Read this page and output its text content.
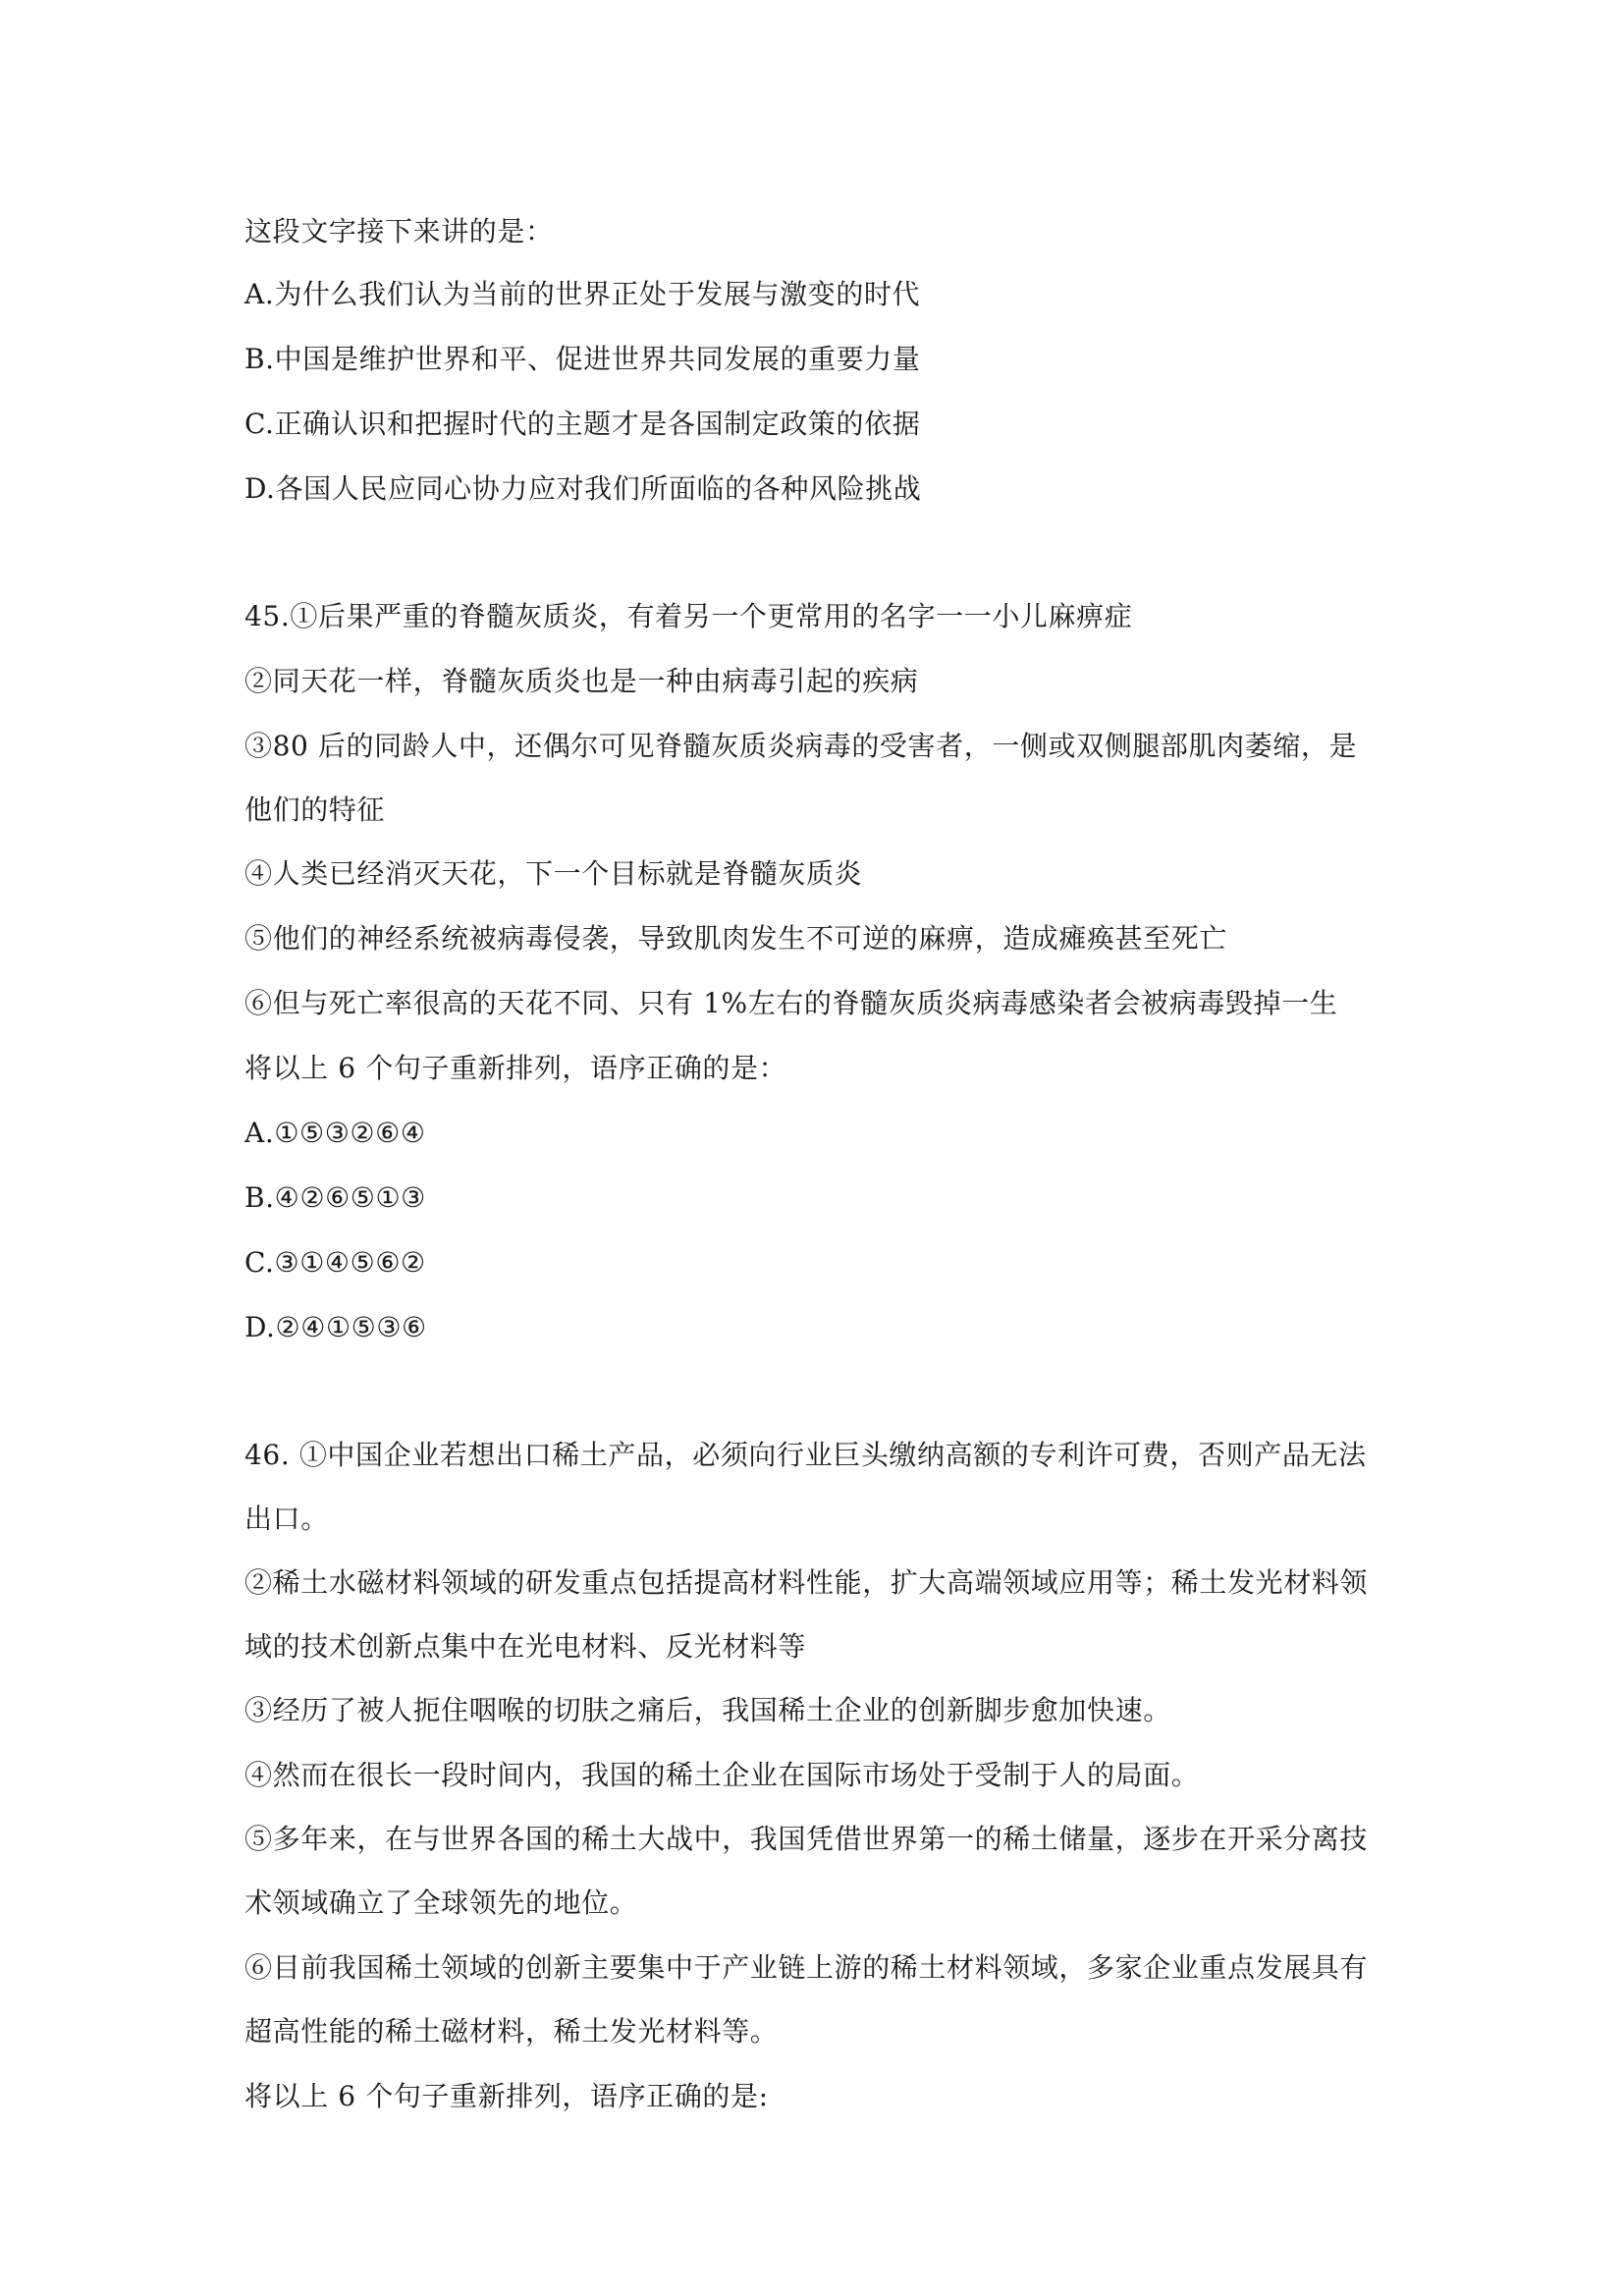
这段文字接下来讲的是：
A.为什么我们认为当前的世界正处于发展与激变的时代
B.中国是维护世界和平、促进世界共同发展的重要力量
C.正确认识和把握时代的主题才是各国制定政策的依据
D.各国人民应同心协力应对我们所面临的各种风险挑战
45.①后果严重的脊髓灰质炎，有着另一个更常用的名字一一小儿麻痹症
②同天花一样，脊髓灰质炎也是一种由病毒引起的疾病
③80 后的同龄人中，还偶尔可见脊髓灰质炎病毒的受害者，一侧或双侧腿部肌肉萎缩，是
他们的特征
④人类已经消灭天花，下一个目标就是脊髓灰质炎
⑤他们的神经系统被病毒侵袭，导致肌肉发生不可逆的麻痹，造成瘫痪甚至死亡
⑥但与死亡率很高的天花不同、只有 1%左右的脊髓灰质炎病毒感染者会被病毒毁掉一生
将以上 6 个句子重新排列，语序正确的是：
A.①⑤③②⑥④
B.④②⑥⑤①③
C.③①④⑤⑥②
D.②④①⑤③⑥
46. ①中国企业若想出口稀土产品，必须向行业巨头缴纳高额的专利许可费，否则产品无法
出口。
②稀土水磁材料领域的研发重点包括提高材料性能，扩大高端领域应用等；稀土发光材料领
域的技术创新点集中在光电材料、反光材料等
③经历了被人扼住咽喉的切肤之痛后，我国稀土企业的创新脚步愈加快速。
④然而在很长一段时间内，我国的稀土企业在国际市场处于受制于人的局面。
⑤多年来，在与世界各国的稀土大战中，我国凭借世界第一的稀土储量，逐步在开采分离技
术领域确立了全球领先的地位。
⑥目前我国稀土领域的创新主要集中于产业链上游的稀土材料领域，多家企业重点发展具有
超高性能的稀土磁材料，稀土发光材料等。
将以上 6 个句子重新排列，语序正确的是:
